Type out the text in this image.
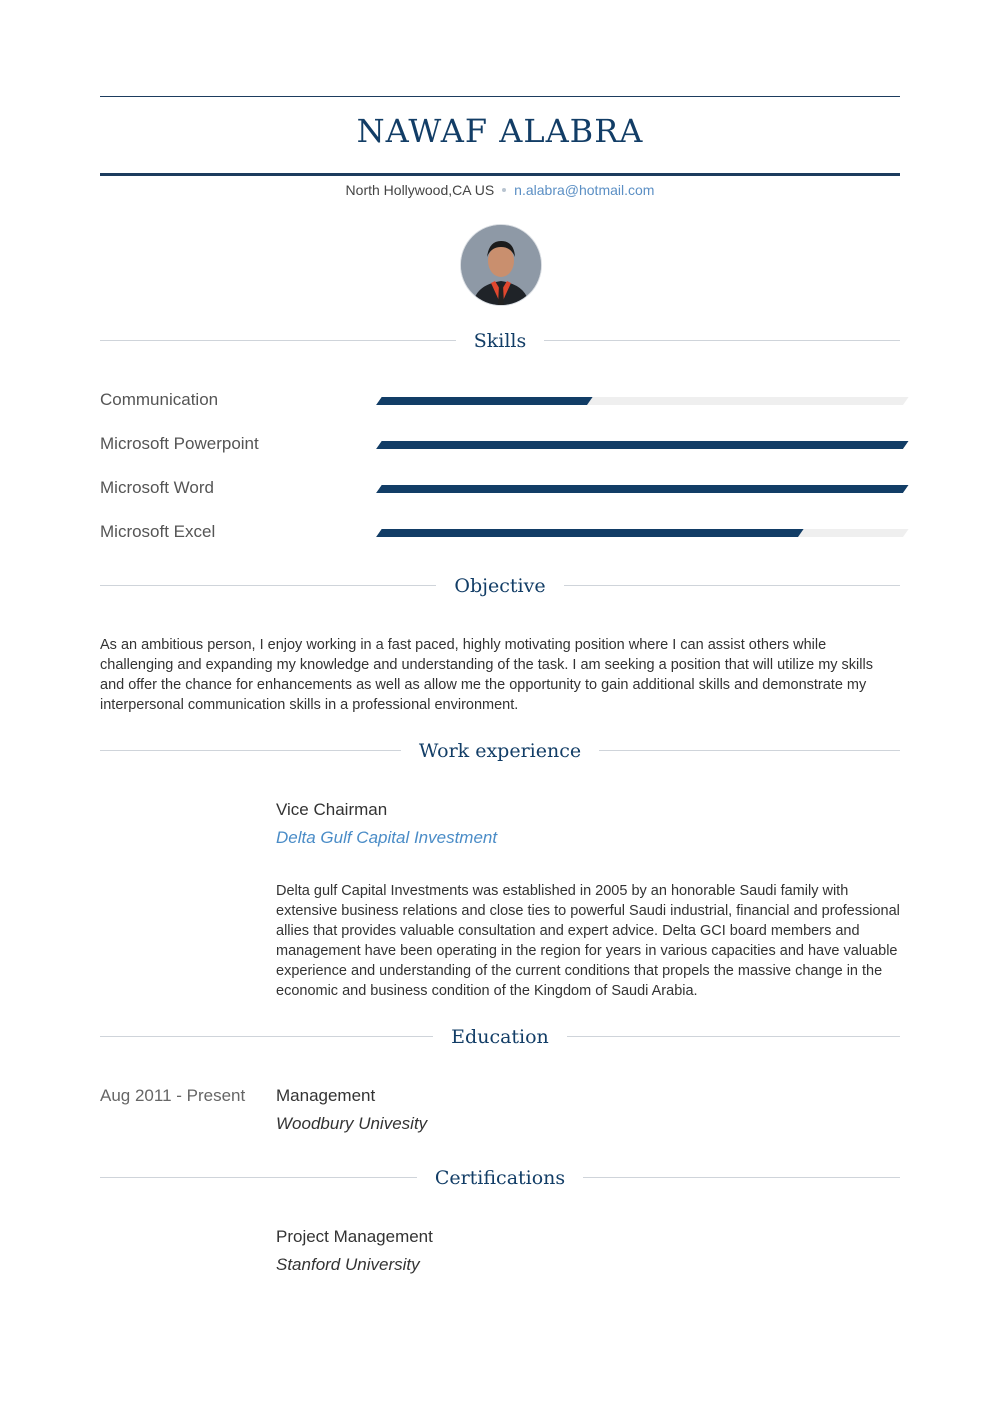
NAWAF ALABRA
North Hollywood,CA US n.alabra@hotmail.com
Skills
Communication
Microsoft Powerpoint
Microsoft Word
Microsoft Excel
Objective
As an ambitious person, I enjoy working in a fast paced, highly motivating position where I can assist others while challenging and expanding my knowledge and understanding of the task. I am seeking a position that will utilize my skills and offer the chance for enhancements as well as allow me the opportunity to gain additional skills and demonstrate my interpersonal communication skills in a professional environment.
Work experience
Vice Chairman
Delta Gulf Capital Investment
Delta gulf Capital Investments was established in 2005 by an honorable Saudi family with extensive business relations and close ties to powerful Saudi industrial, financial and professional allies that provides valuable consultation and expert advice. Delta GCI board members and management have been operating in the region for years in various capacities and have valuable experience and understanding of the current conditions that propels the massive change in the economic and business condition of the Kingdom of Saudi Arabia.
Education
Aug 2011 - Present Management
Woodbury Univesity
Certifications
Project Management
Stanford University
